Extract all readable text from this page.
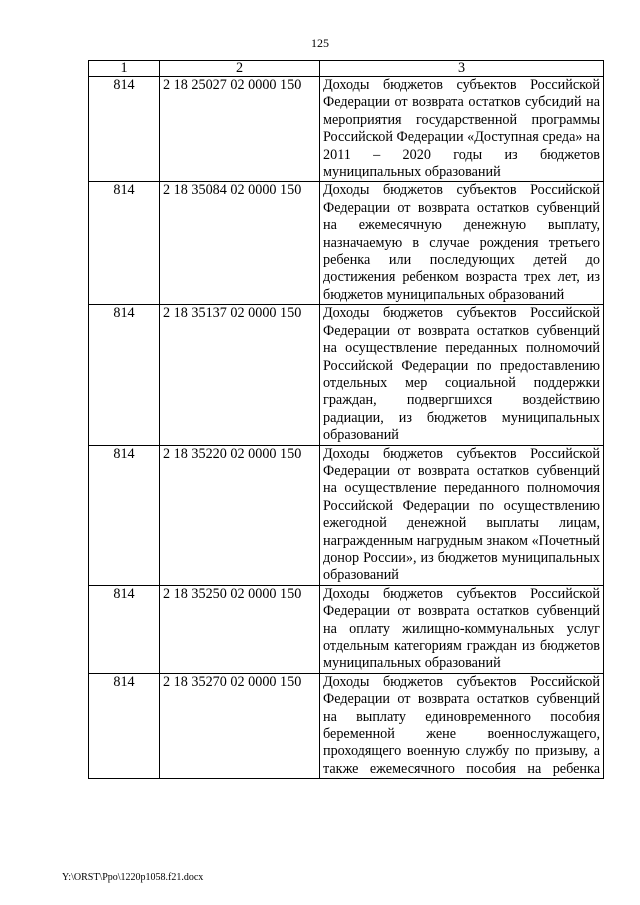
125
1	2	3
814	2 18 25027 02 0000 150	Доходы бюджетов субъектов Российской Федерации от возврата остатков субсидий на мероприятия государственной программы Российской Федерации «Доступная среда» на 2011 – 2020 годы из бюджетов муниципальных образований

814	2 18 35084 02 0000 150	Доходы бюджетов субъектов Российской Федерации от возврата остатков субвенций на ежемесячную денежную выплату, назначаемую в случае рождения третьего ребенка или последующих детей до достижения ребенком возраста трех лет, из бюджетов муниципальных образований

814	2 18 35137 02 0000 150	Доходы бюджетов субъектов Российской Федерации от возврата остатков субвенций на осуществление переданных полномочий Российской Федерации по предоставлению отдельных мер социальной поддержки граждан, подвергшихся воздействию радиации, из бюджетов муниципальных образований

814	2 18 35220 02 0000 150	Доходы бюджетов субъектов Российской Федерации от возврата остатков субвенций на осуществление переданного полномочия Российской Федерации по осуществлению ежегодной денежной выплаты лицам, награжденным нагрудным знаком «Почетный донор России», из бюджетов муниципальных образований

814	2 18 35250 02 0000 150	Доходы бюджетов субъектов Российской Федерации от возврата остатков субвенций на оплату жилищно-коммунальных услуг отдельным категориям граждан из бюджетов муниципальных образований

814	2 18 35270 02 0000 150	Доходы бюджетов субъектов Российской Федерации от возврата остатков субвенций на выплату единовременного пособия беременной жене военнослужащего, проходящего военную службу по призыву, а также ежемесячного пособия на ребенка
Y:\ORST\Ppo\1220p1058.f21.docx
